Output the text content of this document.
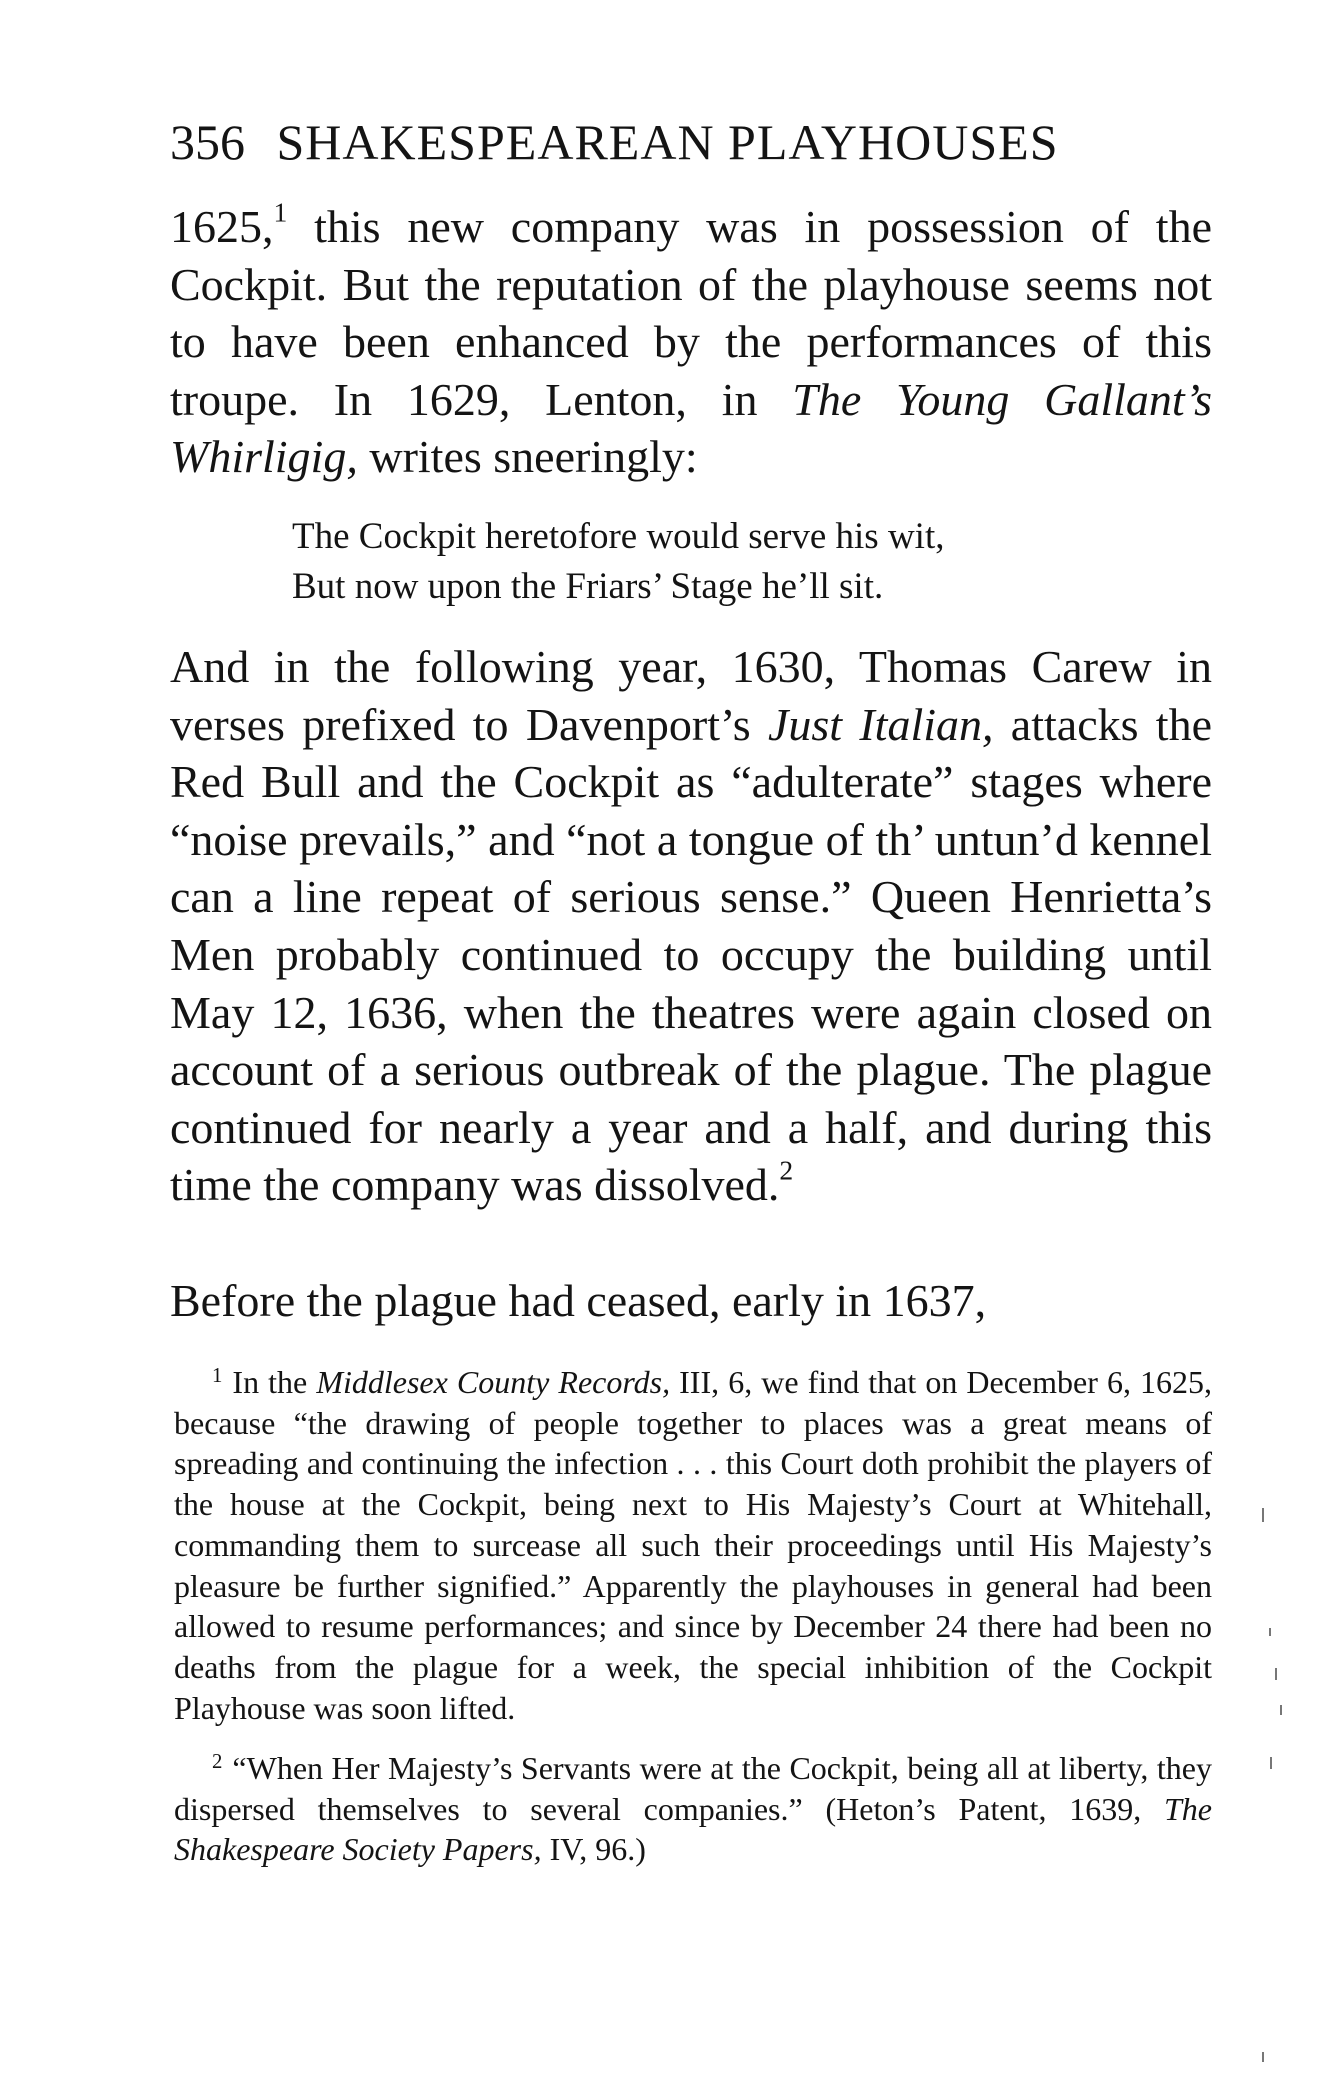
356 SHAKESPEAREAN PLAYHOUSES
1625,$^1$ this new company was in possession of the Cockpit. But the reputation of the playhouse seems not to have been enhanced by the performances of this troupe. In 1629, Lenton, in The Young Gallant’s Whirligig, writes sneeringly:
The Cockpit heretofore would serve his wit,
But now upon the Friars’ Stage he’ll sit.
And in the following year, 1630, Thomas Carew in verses prefixed to Davenport’s Just Italian, attacks the Red Bull and the Cockpit as “adulterate” stages where “noise prevails,” and “not a tongue of th’ untun’d kennel can a line repeat of serious sense.” Queen Henrietta’s Men probably continued to occupy the building until May 12, 1636, when the theatres were again closed on account of a serious outbreak of the plague. The plague continued for nearly a year and a half, and during this time the company was dissolved.$^2$
Before the plague had ceased, early in 1637,

$^1$ In the Middlesex County Records, III, 6, we find that on December 6, 1625, because “the drawing of people together to places was a great means of spreading and continuing the infection . . . this Court doth prohibit the players of the house at the Cockpit, being next to His Majesty’s Court at Whitehall, commanding them to surcease all such their proceedings until His Majesty’s pleasure be further signified.” Apparently the playhouses in general had been allowed to resume performances; and since by December 24 there had been no deaths from the plague for a week, the special inhibition of the Cockpit Playhouse was soon lifted.

$^2$ “When Her Majesty’s Servants were at the Cockpit, being all at liberty, they dispersed themselves to several companies.” (Heton’s Patent, 1639, The Shakespeare Society Papers, IV, 96.)
